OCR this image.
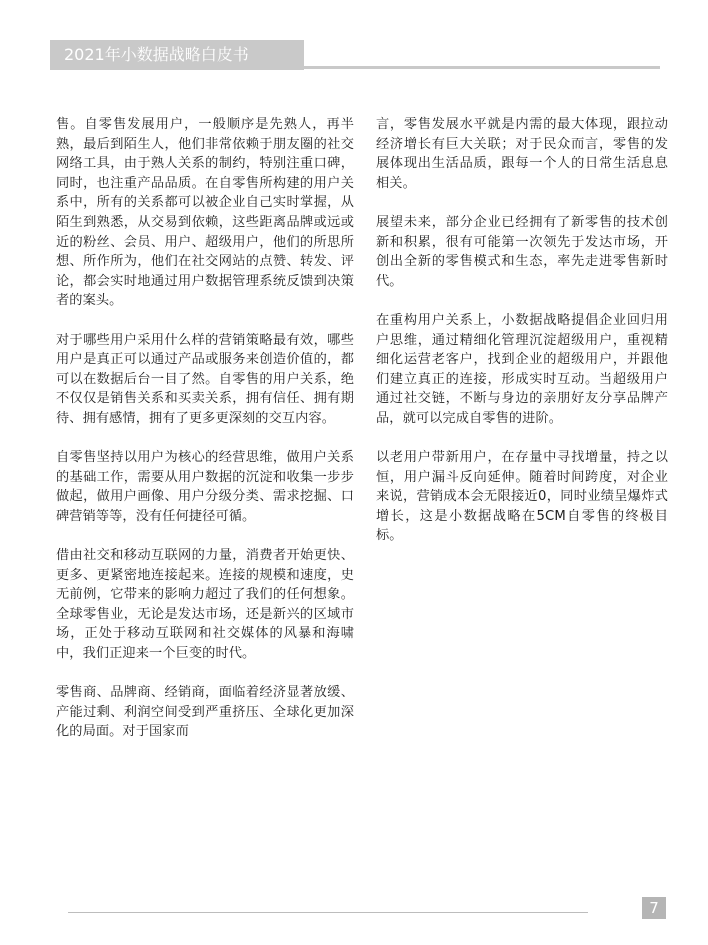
2021年小数据战略白皮书

售。自零售发展用户，一般顺序是先熟人，再半熟，最后到陌生人，他们非常依赖于朋友圈的社交网络工具，由于熟人关系的制约，特别注重口碑，同时，也注重产品品质。在自零售所构建的用户关系中，所有的关系都可以被企业自己实时掌握，从陌生到熟悉，从交易到依赖，这些距离品牌或远或近的粉丝、会员、用户、超级用户，他们的所思所想、所作所为，他们在社交网站的点赞、转发、评论，都会实时地通过用户数据管理系统反馈到决策者的案头。

对于哪些用户采用什么样的营销策略最有效，哪些用户是真正可以通过产品或服务来创造价值的，都可以在数据后台一目了然。自零售的用户关系，绝不仅仅是销售关系和买卖关系，拥有信任、拥有期待、拥有感情，拥有了更多更深刻的交互内容。

自零售坚持以用户为核心的经营思维，做用户关系的基础工作，需要从用户数据的沉淀和收集一步步做起，做用户画像、用户分级分类、需求挖掘、口碑营销等等，没有任何捷径可循。

借由社交和移动互联网的力量，消费者开始更快、更多、更紧密地连接起来。连接的规模和速度，史无前例，它带来的影响力超过了我们的任何想象。全球零售业，无论是发达市场，还是新兴的区域市场，正处于移动互联网和社交媒体的风暴和海啸中，我们正迎来一个巨变的时代。

零售商、品牌商、经销商，面临着经济显著放缓、产能过剩、利润空间受到严重挤压、全球化更加深化的局面。对于国家而

言，零售发展水平就是内需的最大体现，跟拉动经济增长有巨大关联；对于民众而言，零售的发展体现出生活品质，跟每一个人的日常生活息息相关。

展望未来，部分企业已经拥有了新零售的技术创新和积累，很有可能第一次领先于发达市场，开创出全新的零售模式和生态，率先走进零售新时代。

在重构用户关系上，小数据战略提倡企业回归用户思维，通过精细化管理沉淀超级用户，重视精细化运营老客户，找到企业的超级用户，并跟他们建立真正的连接，形成实时互动。当超级用户通过社交链，不断与身边的亲朋好友分享品牌产品，就可以完成自零售的进阶。

以老用户带新用户，在存量中寻找增量，持之以恒，用户漏斗反向延伸。随着时间跨度，对企业来说，营销成本会无限接近0，同时业绩呈爆炸式增长，这是小数据战略在5CM自零售的终极目标。

7
